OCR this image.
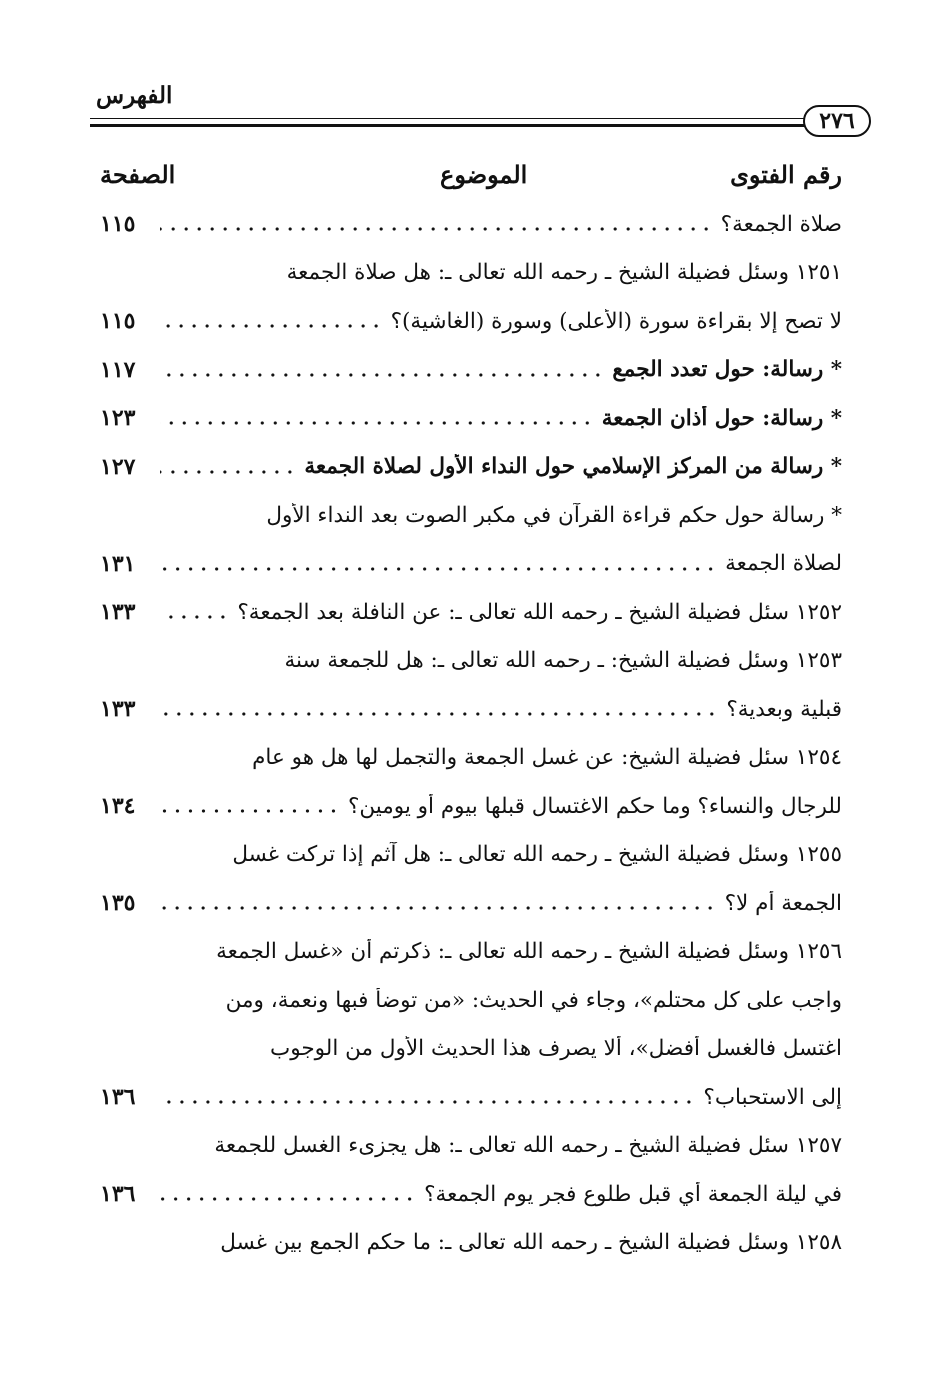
الفهرس
٢٧٦
رقم الفتوى
الموضوع
الصفحة
صلاة الجمعة؟
١١٥
١٢٥١ وسئل فضيلة الشيخ ـ رحمه الله تعالى ـ: هل صلاة الجمعة
لا تصح إلا بقراءة سورة (الأعلى) وسورة (الغاشية)؟
١١٥
* رسالة: حول تعدد الجمع
١١٧
* رسالة: حول أذان الجمعة
١٢٣
* رسالة من المركز الإسلامي حول النداء الأول لصلاة الجمعة
١٢٧
* رسالة حول حكم قراءة القرآن في مكبر الصوت بعد النداء الأول
لصلاة الجمعة
١٣١
١٢٥٢ سئل فضيلة الشيخ ـ رحمه الله تعالى ـ: عن النافلة بعد الجمعة؟
١٣٣
١٢٥٣ وسئل فضيلة الشيخ: ـ رحمه الله تعالى ـ: هل للجمعة سنة
قبلية وبعدية؟
١٣٣
١٢٥٤ سئل فضيلة الشيخ: عن غسل الجمعة والتجمل لها هل هو عام
للرجال والنساء؟ وما حكم الاغتسال قبلها بيوم أو يومين؟
١٣٤
١٢٥٥ وسئل فضيلة الشيخ ـ رحمه الله تعالى ـ: هل آثم إذا تركت غسل
الجمعة أم لا؟
١٣٥
١٢٥٦ وسئل فضيلة الشيخ ـ رحمه الله تعالى ـ: ذكرتم أن «غسل الجمعة
واجب على كل محتلم»، وجاء في الحديث: «من توضأ فبها ونعمة، ومن
اغتسل فالغسل أفضل»، ألا يصرف هذا الحديث الأول من الوجوب
إلى الاستحباب؟
١٣٦
١٢٥٧ سئل فضيلة الشيخ ـ رحمه الله تعالى ـ: هل يجزىء الغسل للجمعة
في ليلة الجمعة أي قبل طلوع فجر يوم الجمعة؟
١٣٦
١٢٥٨ وسئل فضيلة الشيخ ـ رحمه الله تعالى ـ: ما حكم الجمع بين غسل
